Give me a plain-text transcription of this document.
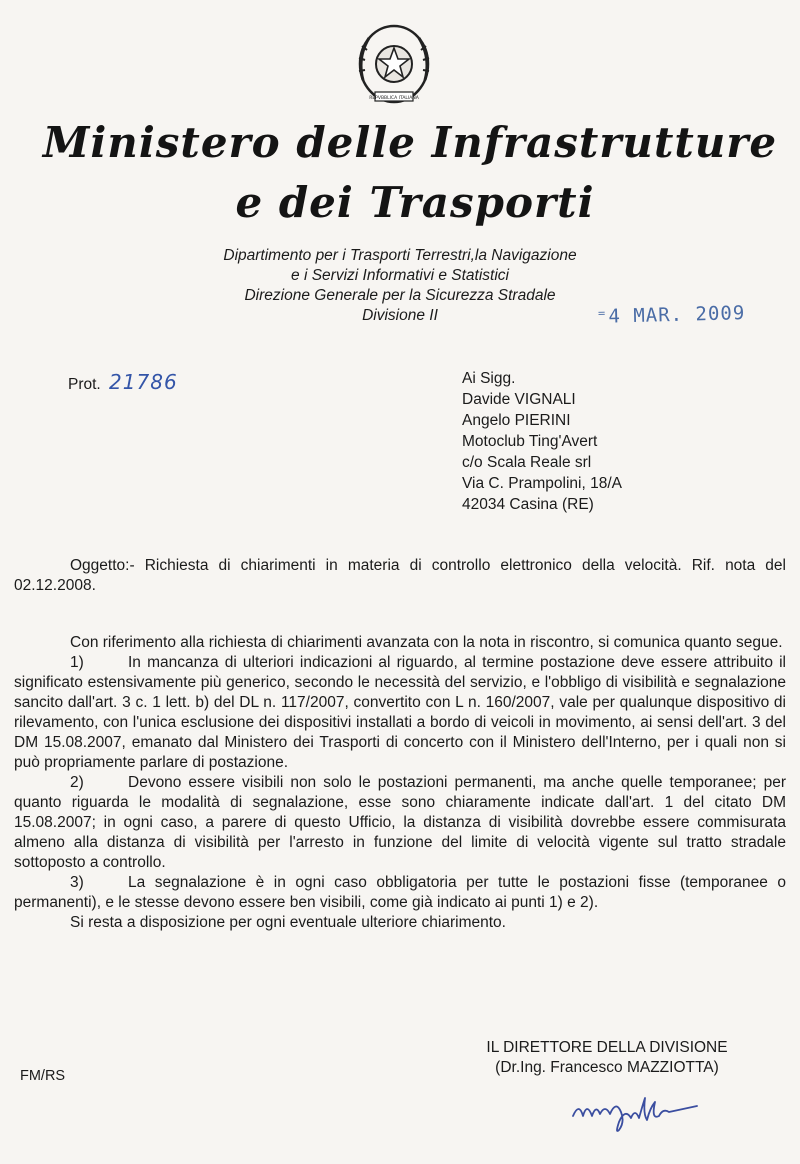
REPVBBLICA ITALIANA
Ministero delle Infrastrutture
e dei Trasporti
Dipartimento per i Trasporti Terrestri,la Navigazione
e i Servizi Informativi e Statistici
Direzione Generale per la Sicurezza Stradale
Divisione II	⁼4 MAR. 2009
Prot. 21786	Ai Sigg.
Davide VIGNALI
Angelo PIERINI
Motoclub Ting'Avert
c/o Scala Reale srl
Via C. Prampolini, 18/A
42034 Casina (RE)
Oggetto:- Richiesta di chiarimenti in materia di controllo elettronico della velocità. Rif. nota del 02.12.2008.

Con riferimento alla richiesta di chiarimenti avanzata con la nota in riscontro, si comunica quanto segue.

1)	In mancanza di ulteriori indicazioni al riguardo, al termine postazione deve essere attribuito il significato estensivamente più generico, secondo le necessità del servizio, e l'obbligo di visibilità e segnalazione sancito dall'art. 3 c. 1 lett. b) del DL n. 117/2007, convertito con L n. 160/2007, vale per qualunque dispositivo di rilevamento, con l'unica esclusione dei dispositivi installati a bordo di veicoli in movimento, ai sensi dell'art. 3 del DM 15.08.2007, emanato dal Ministero dei Trasporti di concerto con il Ministero dell'Interno, per i quali non si può propriamente parlare di postazione.

2)	Devono essere visibili non solo le postazioni permanenti, ma anche quelle temporanee; per quanto riguarda le modalità di segnalazione, esse sono chiaramente indicate dall'art. 1 del citato DM 15.08.2007; in ogni caso, a parere di questo Ufficio, la distanza di visibilità dovrebbe essere commisurata almeno alla distanza di visibilità per l'arresto in funzione del limite di velocità vigente sul tratto stradale sottoposto a controllo.

3)	La segnalazione è in ogni caso obbligatoria per tutte le postazioni fisse (temporanee o permanenti), e le stesse devono essere ben visibili, come già indicato ai punti 1) e 2).

Si resta a disposizione per ogni eventuale ulteriore chiarimento.

IL DIRETTORE DELLA DIVISIONE
(Dr.Ing. Francesco MAZZIOTTA)
FM/RS
